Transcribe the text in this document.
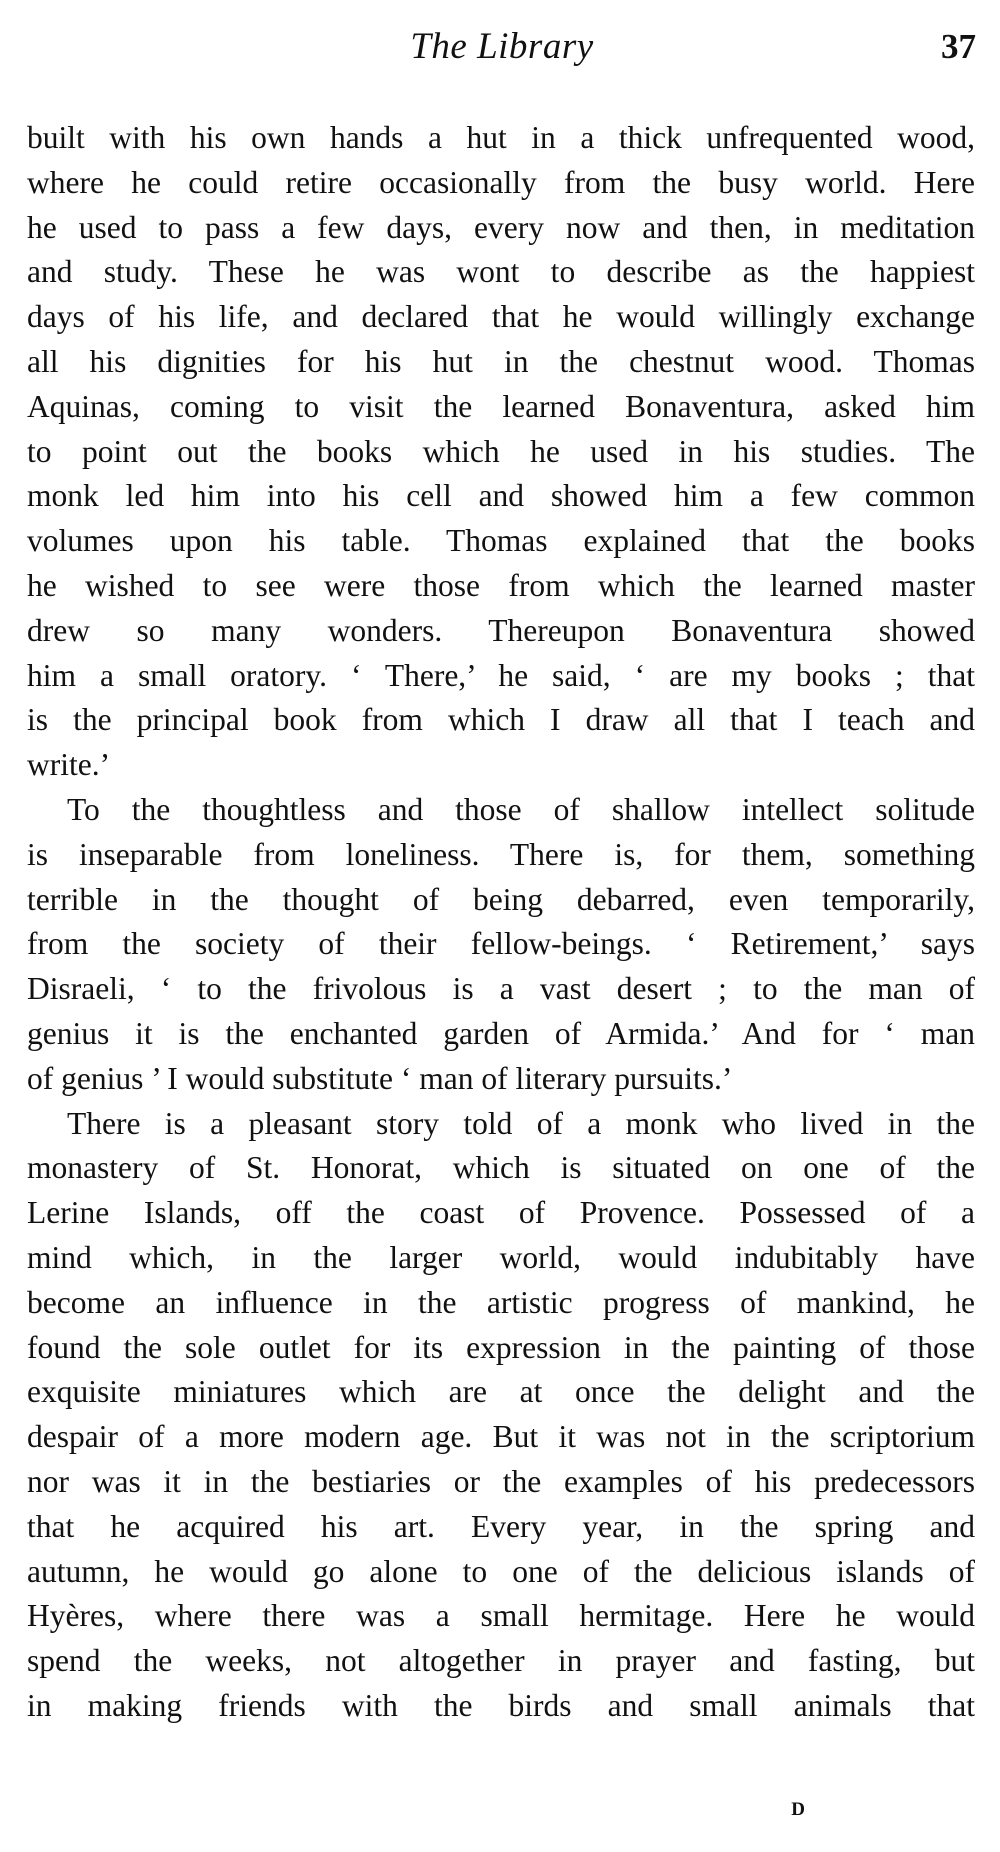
The Library	37
built with his own hands a hut in a thick unfrequented wood,
where he could retire occasionally from the busy world. Here
he used to pass a few days, every now and then, in meditation
and study. These he was wont to describe as the happiest
days of his life, and declared that he would willingly exchange
all his dignities for his hut in the chestnut wood. Thomas
Aquinas, coming to visit the learned Bonaventura, asked him
to point out the books which he used in his studies. The
monk led him into his cell and showed him a few common
volumes upon his table. Thomas explained that the books
he wished to see were those from which the learned master
drew so many wonders. Thereupon Bonaventura showed
him a small oratory. ‘ There,’ he said, ‘ are my books ; that
is the principal book from which I draw all that I teach and
write.’
To the thoughtless and those of shallow intellect solitude
is inseparable from loneliness. There is, for them, something
terrible in the thought of being debarred, even temporarily,
from the society of their fellow-beings. ‘ Retirement,’ says
Disraeli, ‘ to the frivolous is a vast desert ; to the man of
genius it is the enchanted garden of Armida.’ And for ‘ man
of genius ’ I would substitute ‘ man of literary pursuits.’
There is a pleasant story told of a monk who lived in the
monastery of St. Honorat, which is situated on one of the
Lerine Islands, off the coast of Provence. Possessed of a
mind which, in the larger world, would indubitably have
become an influence in the artistic progress of mankind, he
found the sole outlet for its expression in the painting of those
exquisite miniatures which are at once the delight and the
despair of a more modern age. But it was not in the scriptorium
nor was it in the bestiaries or the examples of his predecessors
that he acquired his art. Every year, in the spring and
autumn, he would go alone to one of the delicious islands of
Hyères, where there was a small hermitage. Here he would
spend the weeks, not altogether in prayer and fasting, but
in making friends with the birds and small animals that
D
